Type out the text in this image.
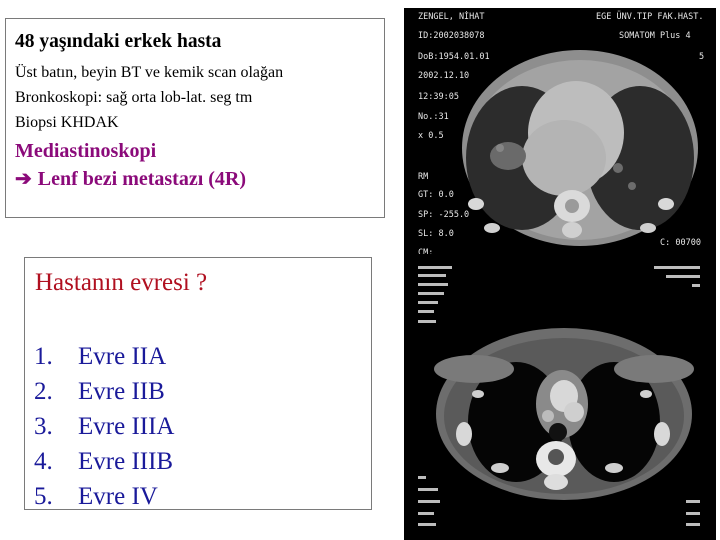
48 yaşındaki erkek hasta
Üst batın, beyin BT ve kemik scan olağan
Bronkoskopi: sağ orta lob-lat. seg tm
Biopsi KHDAK
Mediastinoskopi
➔ Lenf bezi metastazı (4R)
Hastanın evresi ?
1. Evre IIA
2. Evre IIB
3. Evre IIIA
4. Evre IIIB
5. Evre IV
ZENGEL, NİHAT	EGE ÜNV.TIP FAK.HAST.
ID:2002038078	SOMATOM Plus 4
DoB:1954.01.01	5
2002.12.10
12:39:05
No.:31
x 0.5
RM
GT: 0.0
SP: -255.0
SL: 8.0
CM:
C: 00700
